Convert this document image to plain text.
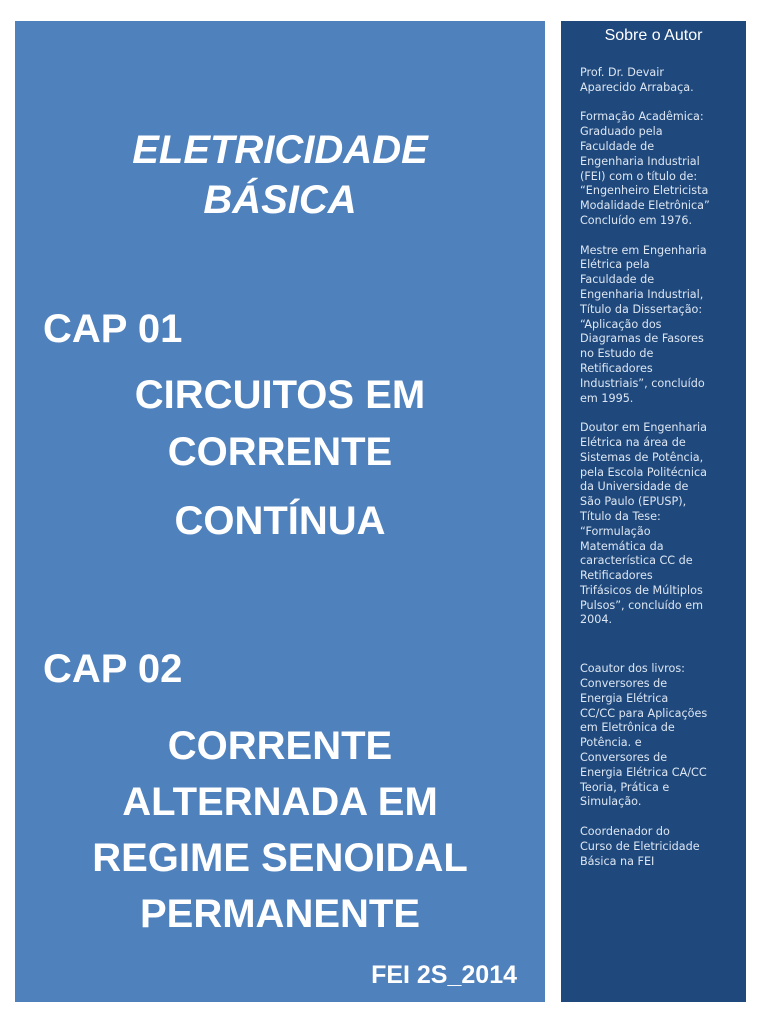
ELETRICIDADE
BÁSICA
CAP 01
CIRCUITOS EM
CORRENTE
CONTÍNUA
CAP 02
CORRENTE
ALTERNADA EM
REGIME SENOIDAL
PERMANENTE
FEI 2S_2014
Sobre o Autor

Prof. Dr. Devair
Aparecido Arrabaça.

Formação Acadêmica:
Graduado pela
Faculdade de
Engenharia Industrial
(FEI) com o título de:
“Engenheiro Eletricista
Modalidade Eletrônica”
Concluído em 1976.

Mestre em Engenharia
Elétrica pela
Faculdade de
Engenharia Industrial,
Título da Dissertação:
“Aplicação dos
Diagramas de Fasores
no Estudo de
Retificadores
Industriais”, concluído
em 1995.

Doutor em Engenharia
Elétrica na área de
Sistemas de Potência,
pela Escola Politécnica
da Universidade de
São Paulo (EPUSP),
Título da Tese:
“Formulação
Matemática da
característica CC de
Retificadores
Trifásicos de Múltiplos
Pulsos”, concluído em
2004.

Coautor dos livros:

Conversores de
Energia Elétrica
CC/CC para Aplicações
em Eletrônica de
Potência. e

Conversores de
Energia Elétrica CA/CC
Teoria, Prática e
Simulação.

Coordenador do
Curso de Eletricidade
Básica na FEI
